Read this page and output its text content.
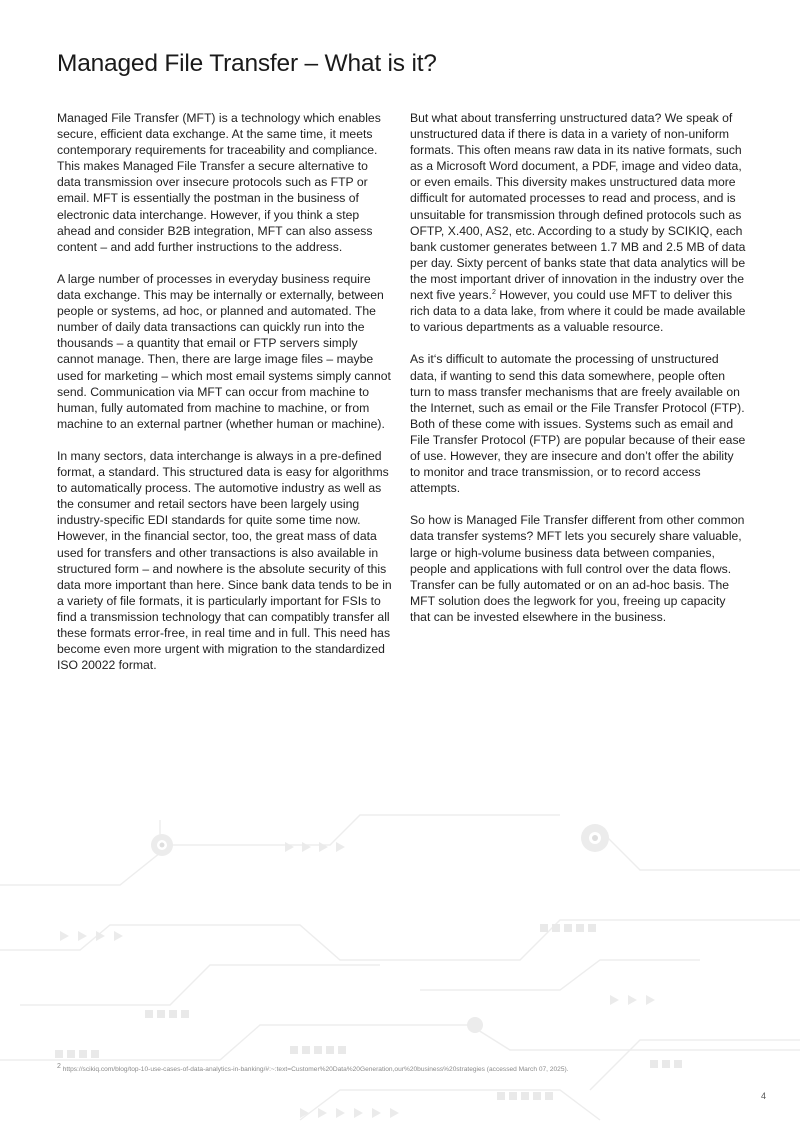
Managed File Transfer – What is it?

Managed File Transfer (MFT) is a technology which enables secure, efficient data exchange. At the same time, it meets contemporary requirements for traceability and compliance. This makes Managed File Transfer a secure alternative to data transmission over insecure protocols such as FTP or email. MFT is essentially the postman in the business of electronic data interchange. However, if you think a step ahead and consider B2B integration, MFT can also assess content – and add further instructions to the address.

A large number of processes in everyday business require data exchange. This may be internally or externally, between people or systems, ad hoc, or planned and automated. The number of daily data transactions can quickly run into the thousands – a quantity that email or FTP servers simply cannot manage. Then, there are large image files – maybe used for marketing – which most email systems simply cannot send. Communication via MFT can occur from machine to human, fully automated from machine to machine, or from machine to an external partner (whether human or machine).

In many sectors, data interchange is always in a pre-defined format, a standard. This structured data is easy for algorithms to automatically process. The automotive industry as well as the consumer and retail sectors have been largely using industry-specific EDI standards for quite some time now. However, in the financial sector, too, the great mass of data used for transfers and other transactions is also available in structured form – and nowhere is the absolute security of this data more important than here. Since bank data tends to be in a variety of file formats, it is particularly important for FSIs to find a transmission technology that can compatibly transfer all these formats error-free, in real time and in full. This need has become even more urgent with migration to the standardized ISO 20022 format.

But what about transferring unstructured data? We speak of unstructured data if there is data in a variety of non-uniform formats. This often means raw data in its native formats, such as a Microsoft Word document, a PDF, image and video data, or even emails. This diversity makes unstructured data more difficult for automated processes to read and process, and is unsuitable for transmission through defined protocols such as OFTP, X.400, AS2, etc. According to a study by SCIKIQ, each bank customer generates between 1.7 MB and 2.5 MB of data per day. Sixty percent of banks state that data analytics will be the most important driver of innovation in the industry over the next five years.$^2$ However, you could use MFT to deliver this rich data to a data lake, from where it could be made available to various departments as a valuable resource.

As it‘s difficult to automate the processing of unstructured data, if wanting to send this data somewhere, people often turn to mass transfer mechanisms that are freely available on the Internet, such as email or the File Transfer Protocol (FTP). Both of these come with issues. Systems such as email and File Transfer Protocol (FTP) are popular because of their ease of use. However, they are insecure and don’t offer the ability to monitor and trace transmission, or to record access attempts.

So how is Managed File Transfer different from other common data transfer systems? MFT lets you securely share valuable, large or high-volume business data between companies, people and applications with full control over the data flows. Transfer can be fully automated or on an ad-hoc basis. The MFT solution does the legwork for you, freeing up capacity that can be invested elsewhere in the business.

$^2$ https://scikiq.com/blog/top-10-use-cases-of-data-analytics-in-banking/#:~:text=Customer%20Data%20Generation,our%20business%20strategies (accessed March 07, 2025).
4
